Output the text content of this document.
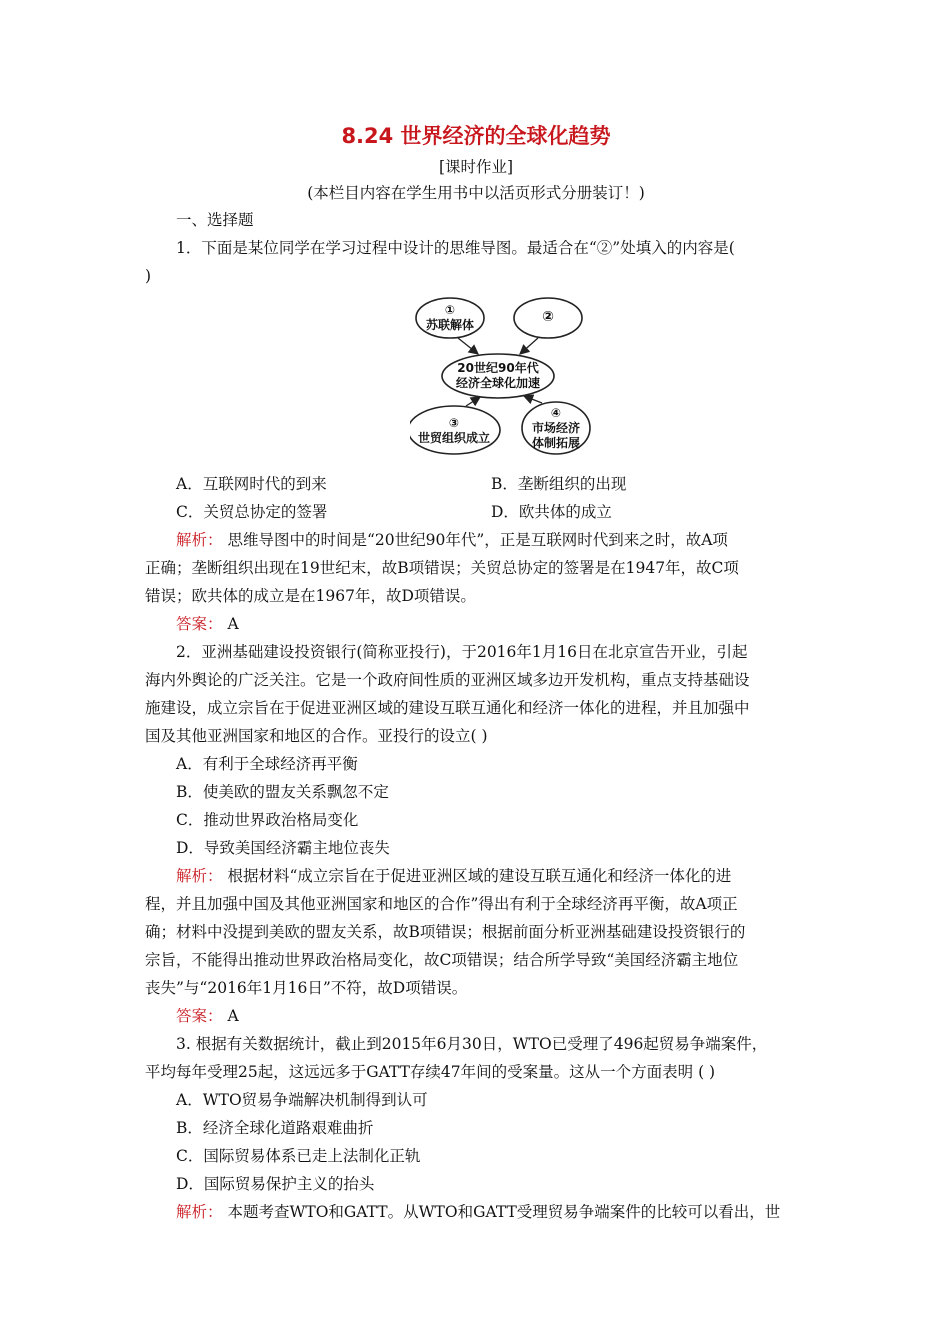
8.24 世界经济的全球化趋势
[课时作业]
(本栏目内容在学生用书中以活页形式分册装订！)

一、选择题

1．下面是某位同学在学习过程中设计的思维导图。最适合在“②”处填入的内容是(

)

①
苏联解体	②
20世纪90年代
经济全球化加速
③
世贸组织成立
④
市场经济
体制拓展
A．互联网时代的到来	B．垄断组织的出现
C．关贸总协定的签署	D．欧共体的成立

解析： 思维导图中的时间是“20世纪90年代”，正是互联网时代到来之时，故A项

正确；垄断组织出现在19世纪末，故B项错误；关贸总协定的签署是在1947年，故C项

错误；欧共体的成立是在1967年，故D项错误。

答案： A

2．亚洲基础建设投资银行(简称亚投行)，于2016年1月16日在北京宣告开业，引起

海内外舆论的广泛关注。它是一个政府间性质的亚洲区域多边开发机构，重点支持基础设

施建设，成立宗旨在于促进亚洲区域的建设互联互通化和经济一体化的进程，并且加强中

国及其他亚洲国家和地区的合作。亚投行的设立( )

A．有利于全球经济再平衡
B．使美欧的盟友关系飘忽不定
C．推动世界政治格局变化
D．导致美国经济霸主地位丧失

解析： 根据材料“成立宗旨在于促进亚洲区域的建设互联互通化和经济一体化的进

程，并且加强中国及其他亚洲国家和地区的合作”得出有利于全球经济再平衡，故A项正

确；材料中没提到美欧的盟友关系，故B项错误；根据前面分析亚洲基础建设投资银行的

宗旨，不能得出推动世界政治格局变化，故C项错误；结合所学导致“美国经济霸主地位

丧失”与“2016年1月16日”不符，故D项错误。

答案： A

3. 根据有关数据统计，截止到2015年6月30日，WTO已受理了496起贸易争端案件，

平均每年受理25起，这远远多于GATT存续47年间的受案量。这从一个方面表明 ( )

A．WTO贸易争端解决机制得到认可
B．经济全球化道路艰难曲折
C．国际贸易体系已走上法制化正轨
D．国际贸易保护主义的抬头

解析： 本题考查WTO和GATT。从WTO和GATT受理贸易争端案件的比较可以看出，世
